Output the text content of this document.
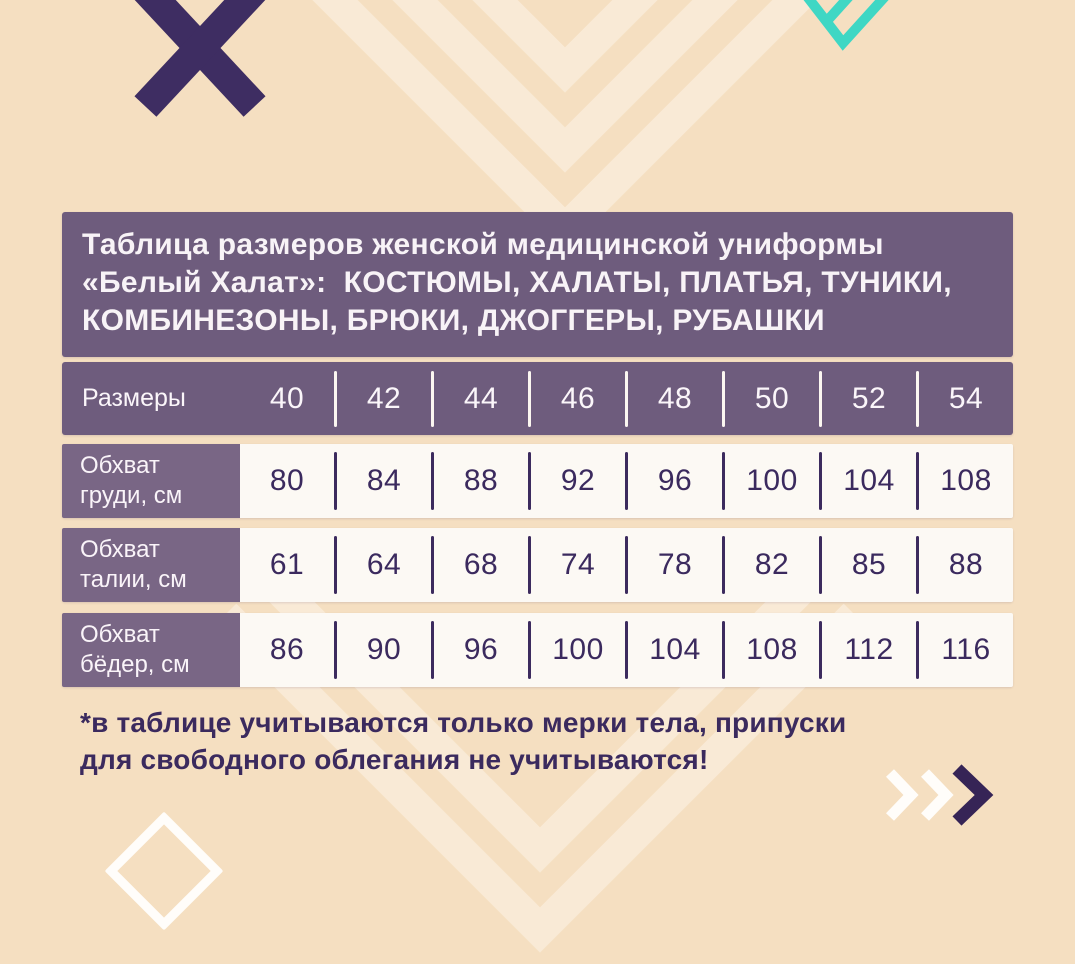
Таблица размеров женской медицинской униформы
«Белый Халат»:  КОСТЮМЫ, ХАЛАТЫ, ПЛАТЬЯ, ТУНИКИ,
КОМБИНЕЗОНЫ, БРЮКИ, ДЖОГГЕРЫ, РУБАШКИ
Размеры	40	42	44	46	48	50	52	54
Обхват
груди, см	80	84	88	92	96	100	104	108
Обхват
талии, см	61	64	68	74	78	82	85	88
Обхват
бёдер, см	86	90	96	100	104	108	112	116
*в таблице учитываются только мерки тела, припуски
для свободного облегания не учитываются!
